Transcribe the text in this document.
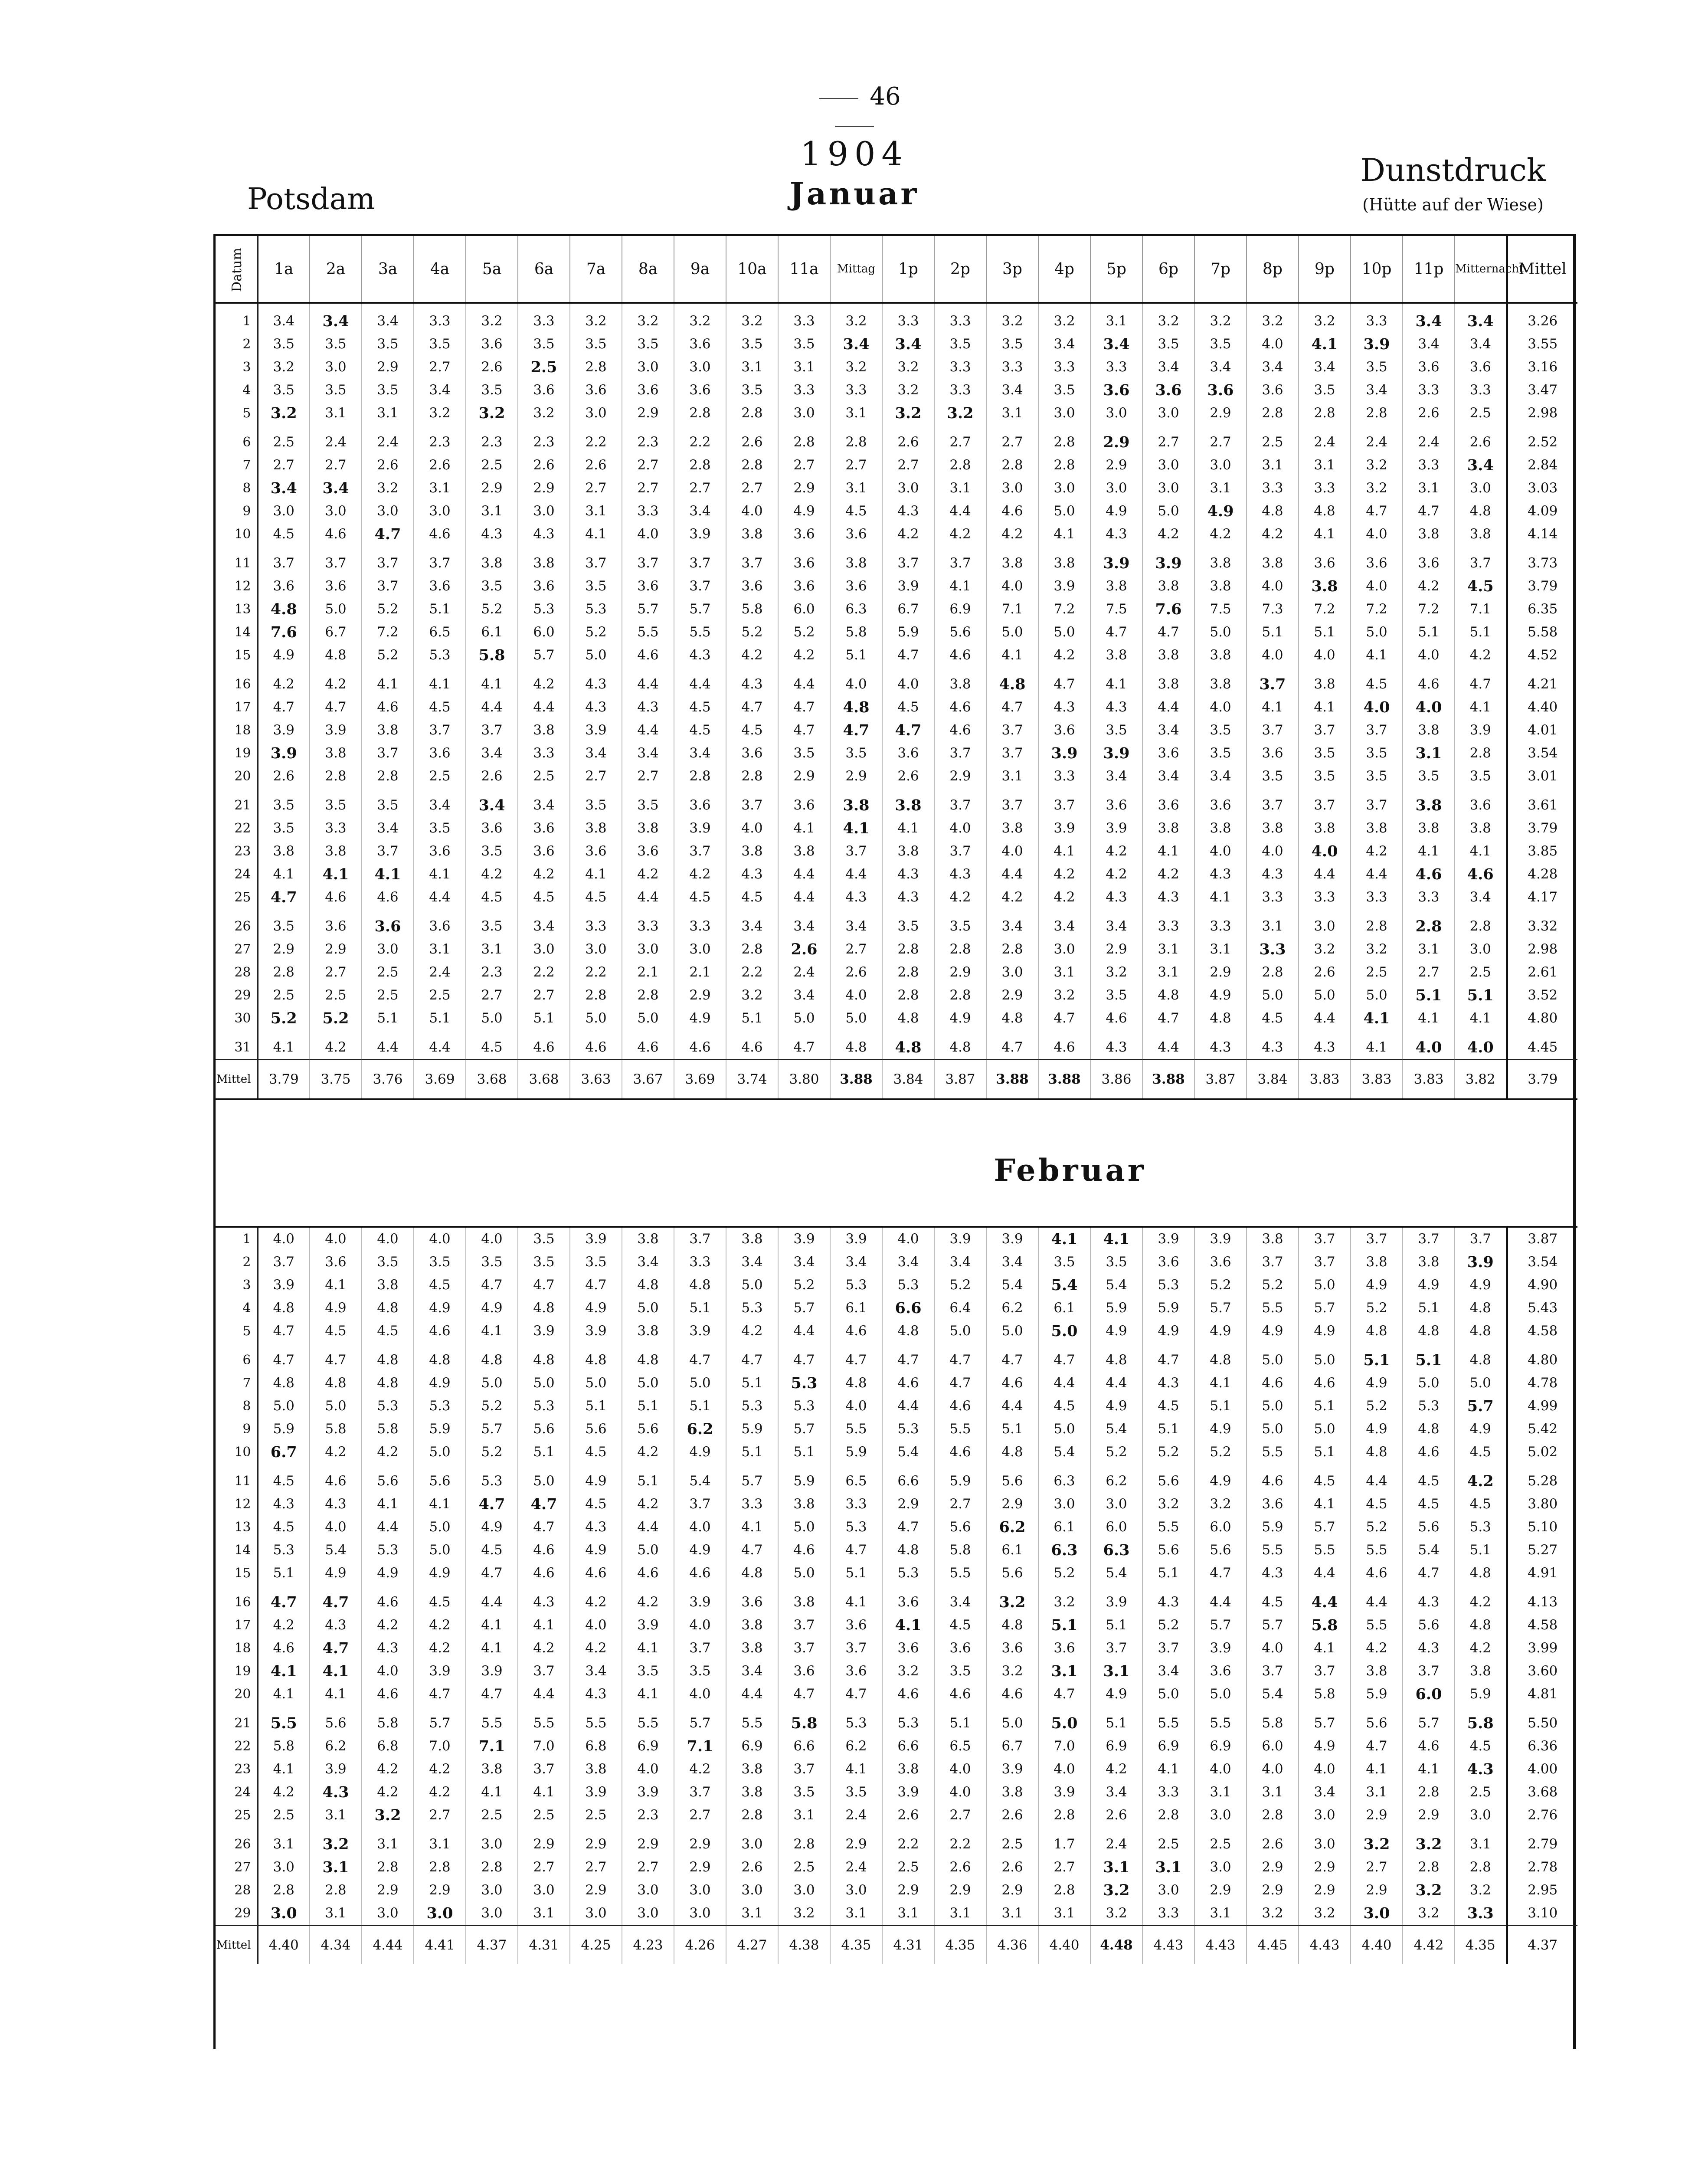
46
1904
Januar
Potsdam
Dunstdruck
(Hütte auf der Wiese)
Datum	1a	2a	3a	4a	5a	6a	7a	8a	9a	10a	11a	Mittag	1p	2p	3p	4p	5p	6p	7p	8p	9p	10p	11p	Mitternacht	Mittel
1	3.4	3.4	3.4	3.3	3.2	3.3	3.2	3.2	3.2	3.2	3.3	3.2	3.3	3.3	3.2	3.2	3.1	3.2	3.2	3.2	3.2	3.3	3.4	3.4	3.26
2	3.5	3.5	3.5	3.5	3.6	3.5	3.5	3.5	3.6	3.5	3.5	3.4	3.4	3.5	3.5	3.4	3.4	3.5	3.5	4.0	4.1	3.9	3.4	3.4	3.55
3	3.2	3.0	2.9	2.7	2.6	2.5	2.8	3.0	3.0	3.1	3.1	3.2	3.2	3.3	3.3	3.3	3.3	3.4	3.4	3.4	3.4	3.5	3.6	3.6	3.16
4	3.5	3.5	3.5	3.4	3.5	3.6	3.6	3.6	3.6	3.5	3.3	3.3	3.2	3.3	3.4	3.5	3.6	3.6	3.6	3.6	3.5	3.4	3.3	3.3	3.47
5	3.2	3.1	3.1	3.2	3.2	3.2	3.0	2.9	2.8	2.8	3.0	3.1	3.2	3.2	3.1	3.0	3.0	3.0	2.9	2.8	2.8	2.8	2.6	2.5	2.98
6	2.5	2.4	2.4	2.3	2.3	2.3	2.2	2.3	2.2	2.6	2.8	2.8	2.6	2.7	2.7	2.8	2.9	2.7	2.7	2.5	2.4	2.4	2.4	2.6	2.52
7	2.7	2.7	2.6	2.6	2.5	2.6	2.6	2.7	2.8	2.8	2.7	2.7	2.7	2.8	2.8	2.8	2.9	3.0	3.0	3.1	3.1	3.2	3.3	3.4	2.84
8	3.4	3.4	3.2	3.1	2.9	2.9	2.7	2.7	2.7	2.7	2.9	3.1	3.0	3.1	3.0	3.0	3.0	3.0	3.1	3.3	3.3	3.2	3.1	3.0	3.03
9	3.0	3.0	3.0	3.0	3.1	3.0	3.1	3.3	3.4	4.0	4.9	4.5	4.3	4.4	4.6	5.0	4.9	5.0	4.9	4.8	4.8	4.7	4.7	4.8	4.09
10	4.5	4.6	4.7	4.6	4.3	4.3	4.1	4.0	3.9	3.8	3.6	3.6	4.2	4.2	4.2	4.1	4.3	4.2	4.2	4.2	4.1	4.0	3.8	3.8	4.14
11	3.7	3.7	3.7	3.7	3.8	3.8	3.7	3.7	3.7	3.7	3.6	3.8	3.7	3.7	3.8	3.8	3.9	3.9	3.8	3.8	3.6	3.6	3.6	3.7	3.73
12	3.6	3.6	3.7	3.6	3.5	3.6	3.5	3.6	3.7	3.6	3.6	3.6	3.9	4.1	4.0	3.9	3.8	3.8	3.8	4.0	3.8	4.0	4.2	4.5	3.79
13	4.8	5.0	5.2	5.1	5.2	5.3	5.3	5.7	5.7	5.8	6.0	6.3	6.7	6.9	7.1	7.2	7.5	7.6	7.5	7.3	7.2	7.2	7.2	7.1	6.35
14	7.6	6.7	7.2	6.5	6.1	6.0	5.2	5.5	5.5	5.2	5.2	5.8	5.9	5.6	5.0	5.0	4.7	4.7	5.0	5.1	5.1	5.0	5.1	5.1	5.58
15	4.9	4.8	5.2	5.3	5.8	5.7	5.0	4.6	4.3	4.2	4.2	5.1	4.7	4.6	4.1	4.2	3.8	3.8	3.8	4.0	4.0	4.1	4.0	4.2	4.52
16	4.2	4.2	4.1	4.1	4.1	4.2	4.3	4.4	4.4	4.3	4.4	4.0	4.0	3.8	4.8	4.7	4.1	3.8	3.8	3.7	3.8	4.5	4.6	4.7	4.21
17	4.7	4.7	4.6	4.5	4.4	4.4	4.3	4.3	4.5	4.7	4.7	4.8	4.5	4.6	4.7	4.3	4.3	4.4	4.0	4.1	4.1	4.0	4.0	4.1	4.40
18	3.9	3.9	3.8	3.7	3.7	3.8	3.9	4.4	4.5	4.5	4.7	4.7	4.7	4.6	3.7	3.6	3.5	3.4	3.5	3.7	3.7	3.7	3.8	3.9	4.01
19	3.9	3.8	3.7	3.6	3.4	3.3	3.4	3.4	3.4	3.6	3.5	3.5	3.6	3.7	3.7	3.9	3.9	3.6	3.5	3.6	3.5	3.5	3.1	2.8	3.54
20	2.6	2.8	2.8	2.5	2.6	2.5	2.7	2.7	2.8	2.8	2.9	2.9	2.6	2.9	3.1	3.3	3.4	3.4	3.4	3.5	3.5	3.5	3.5	3.5	3.01
21	3.5	3.5	3.5	3.4	3.4	3.4	3.5	3.5	3.6	3.7	3.6	3.8	3.8	3.7	3.7	3.7	3.6	3.6	3.6	3.7	3.7	3.7	3.8	3.6	3.61
22	3.5	3.3	3.4	3.5	3.6	3.6	3.8	3.8	3.9	4.0	4.1	4.1	4.1	4.0	3.8	3.9	3.9	3.8	3.8	3.8	3.8	3.8	3.8	3.8	3.79
23	3.8	3.8	3.7	3.6	3.5	3.6	3.6	3.6	3.7	3.8	3.8	3.7	3.8	3.7	4.0	4.1	4.2	4.1	4.0	4.0	4.0	4.2	4.1	4.1	3.85
24	4.1	4.1	4.1	4.1	4.2	4.2	4.1	4.2	4.2	4.3	4.4	4.4	4.3	4.3	4.4	4.2	4.2	4.2	4.3	4.3	4.4	4.4	4.6	4.6	4.28
25	4.7	4.6	4.6	4.4	4.5	4.5	4.5	4.4	4.5	4.5	4.4	4.3	4.3	4.2	4.2	4.2	4.3	4.3	4.1	3.3	3.3	3.3	3.3	3.4	4.17
26	3.5	3.6	3.6	3.6	3.5	3.4	3.3	3.3	3.3	3.4	3.4	3.4	3.5	3.5	3.4	3.4	3.4	3.3	3.3	3.1	3.0	2.8	2.8	2.8	3.32
27	2.9	2.9	3.0	3.1	3.1	3.0	3.0	3.0	3.0	2.8	2.6	2.7	2.8	2.8	2.8	3.0	2.9	3.1	3.1	3.3	3.2	3.2	3.1	3.0	2.98
28	2.8	2.7	2.5	2.4	2.3	2.2	2.2	2.1	2.1	2.2	2.4	2.6	2.8	2.9	3.0	3.1	3.2	3.1	2.9	2.8	2.6	2.5	2.7	2.5	2.61
29	2.5	2.5	2.5	2.5	2.7	2.7	2.8	2.8	2.9	3.2	3.4	4.0	2.8	2.8	2.9	3.2	3.5	4.8	4.9	5.0	5.0	5.0	5.1	5.1	3.52
30	5.2	5.2	5.1	5.1	5.0	5.1	5.0	5.0	4.9	5.1	5.0	5.0	4.8	4.9	4.8	4.7	4.6	4.7	4.8	4.5	4.4	4.1	4.1	4.1	4.80
31	4.1	4.2	4.4	4.4	4.5	4.6	4.6	4.6	4.6	4.6	4.7	4.8	4.8	4.8	4.7	4.6	4.3	4.4	4.3	4.3	4.3	4.1	4.0	4.0	4.45
Mittel	3.79	3.75	3.76	3.69	3.68	3.68	3.63	3.67	3.69	3.74	3.80	3.88	3.84	3.87	3.88	3.88	3.86	3.88	3.87	3.84	3.83	3.83	3.83	3.82	3.79
Februar
1	4.0	4.0	4.0	4.0	4.0	3.5	3.9	3.8	3.7	3.8	3.9	3.9	4.0	3.9	3.9	4.1	4.1	3.9	3.9	3.8	3.7	3.7	3.7	3.7	3.87
2	3.7	3.6	3.5	3.5	3.5	3.5	3.5	3.4	3.3	3.4	3.4	3.4	3.4	3.4	3.4	3.5	3.5	3.6	3.6	3.7	3.7	3.8	3.8	3.9	3.54
3	3.9	4.1	3.8	4.5	4.7	4.7	4.7	4.8	4.8	5.0	5.2	5.3	5.3	5.2	5.4	5.4	5.4	5.3	5.2	5.2	5.0	4.9	4.9	4.9	4.90
4	4.8	4.9	4.8	4.9	4.9	4.8	4.9	5.0	5.1	5.3	5.7	6.1	6.6	6.4	6.2	6.1	5.9	5.9	5.7	5.5	5.7	5.2	5.1	4.8	5.43
5	4.7	4.5	4.5	4.6	4.1	3.9	3.9	3.8	3.9	4.2	4.4	4.6	4.8	5.0	5.0	5.0	4.9	4.9	4.9	4.9	4.9	4.8	4.8	4.8	4.58
6	4.7	4.7	4.8	4.8	4.8	4.8	4.8	4.8	4.7	4.7	4.7	4.7	4.7	4.7	4.7	4.7	4.8	4.7	4.8	5.0	5.0	5.1	5.1	4.8	4.80
7	4.8	4.8	4.8	4.9	5.0	5.0	5.0	5.0	5.0	5.1	5.3	4.8	4.6	4.7	4.6	4.4	4.4	4.3	4.1	4.6	4.6	4.9	5.0	5.0	4.78
8	5.0	5.0	5.3	5.3	5.2	5.3	5.1	5.1	5.1	5.3	5.3	4.0	4.4	4.6	4.4	4.5	4.9	4.5	5.1	5.0	5.1	5.2	5.3	5.7	4.99
9	5.9	5.8	5.8	5.9	5.7	5.6	5.6	5.6	6.2	5.9	5.7	5.5	5.3	5.5	5.1	5.0	5.4	5.1	4.9	5.0	5.0	4.9	4.8	4.9	5.42
10	6.7	4.2	4.2	5.0	5.2	5.1	4.5	4.2	4.9	5.1	5.1	5.9	5.4	4.6	4.8	5.4	5.2	5.2	5.2	5.5	5.1	4.8	4.6	4.5	5.02
11	4.5	4.6	5.6	5.6	5.3	5.0	4.9	5.1	5.4	5.7	5.9	6.5	6.6	5.9	5.6	6.3	6.2	5.6	4.9	4.6	4.5	4.4	4.5	4.2	5.28
12	4.3	4.3	4.1	4.1	4.7	4.7	4.5	4.2	3.7	3.3	3.8	3.3	2.9	2.7	2.9	3.0	3.0	3.2	3.2	3.6	4.1	4.5	4.5	4.5	3.80
13	4.5	4.0	4.4	5.0	4.9	4.7	4.3	4.4	4.0	4.1	5.0	5.3	4.7	5.6	6.2	6.1	6.0	5.5	6.0	5.9	5.7	5.2	5.6	5.3	5.10
14	5.3	5.4	5.3	5.0	4.5	4.6	4.9	5.0	4.9	4.7	4.6	4.7	4.8	5.8	6.1	6.3	6.3	5.6	5.6	5.5	5.5	5.5	5.4	5.1	5.27
15	5.1	4.9	4.9	4.9	4.7	4.6	4.6	4.6	4.6	4.8	5.0	5.1	5.3	5.5	5.6	5.2	5.4	5.1	4.7	4.3	4.4	4.6	4.7	4.8	4.91
16	4.7	4.7	4.6	4.5	4.4	4.3	4.2	4.2	3.9	3.6	3.8	4.1	3.6	3.4	3.2	3.2	3.9	4.3	4.4	4.5	4.4	4.4	4.3	4.2	4.13
17	4.2	4.3	4.2	4.2	4.1	4.1	4.0	3.9	4.0	3.8	3.7	3.6	4.1	4.5	4.8	5.1	5.1	5.2	5.7	5.7	5.8	5.5	5.6	4.8	4.58
18	4.6	4.7	4.3	4.2	4.1	4.2	4.2	4.1	3.7	3.8	3.7	3.7	3.6	3.6	3.6	3.6	3.7	3.7	3.9	4.0	4.1	4.2	4.3	4.2	3.99
19	4.1	4.1	4.0	3.9	3.9	3.7	3.4	3.5	3.5	3.4	3.6	3.6	3.2	3.5	3.2	3.1	3.1	3.4	3.6	3.7	3.7	3.8	3.7	3.8	3.60
20	4.1	4.1	4.6	4.7	4.7	4.4	4.3	4.1	4.0	4.4	4.7	4.7	4.6	4.6	4.6	4.7	4.9	5.0	5.0	5.4	5.8	5.9	6.0	5.9	4.81
21	5.5	5.6	5.8	5.7	5.5	5.5	5.5	5.5	5.7	5.5	5.8	5.3	5.3	5.1	5.0	5.0	5.1	5.5	5.5	5.8	5.7	5.6	5.7	5.8	5.50
22	5.8	6.2	6.8	7.0	7.1	7.0	6.8	6.9	7.1	6.9	6.6	6.2	6.6	6.5	6.7	7.0	6.9	6.9	6.9	6.0	4.9	4.7	4.6	4.5	6.36
23	4.1	3.9	4.2	4.2	3.8	3.7	3.8	4.0	4.2	3.8	3.7	4.1	3.8	4.0	3.9	4.0	4.2	4.1	4.0	4.0	4.0	4.1	4.1	4.3	4.00
24	4.2	4.3	4.2	4.2	4.1	4.1	3.9	3.9	3.7	3.8	3.5	3.5	3.9	4.0	3.8	3.9	3.4	3.3	3.1	3.1	3.4	3.1	2.8	2.5	3.68
25	2.5	3.1	3.2	2.7	2.5	2.5	2.5	2.3	2.7	2.8	3.1	2.4	2.6	2.7	2.6	2.8	2.6	2.8	3.0	2.8	3.0	2.9	2.9	3.0	2.76
26	3.1	3.2	3.1	3.1	3.0	2.9	2.9	2.9	2.9	3.0	2.8	2.9	2.2	2.2	2.5	1.7	2.4	2.5	2.5	2.6	3.0	3.2	3.2	3.1	2.79
27	3.0	3.1	2.8	2.8	2.8	2.7	2.7	2.7	2.9	2.6	2.5	2.4	2.5	2.6	2.6	2.7	3.1	3.1	3.0	2.9	2.9	2.7	2.8	2.8	2.78
28	2.8	2.8	2.9	2.9	3.0	3.0	2.9	3.0	3.0	3.0	3.0	3.0	2.9	2.9	2.9	2.8	3.2	3.0	2.9	2.9	2.9	2.9	3.2	3.2	2.95
29	3.0	3.1	3.0	3.0	3.0	3.1	3.0	3.0	3.0	3.1	3.2	3.1	3.1	3.1	3.1	3.1	3.2	3.3	3.1	3.2	3.2	3.0	3.2	3.3	3.10
Mittel	4.40	4.34	4.44	4.41	4.37	4.31	4.25	4.23	4.26	4.27	4.38	4.35	4.31	4.35	4.36	4.40	4.48	4.43	4.43	4.45	4.43	4.40	4.42	4.35	4.37
